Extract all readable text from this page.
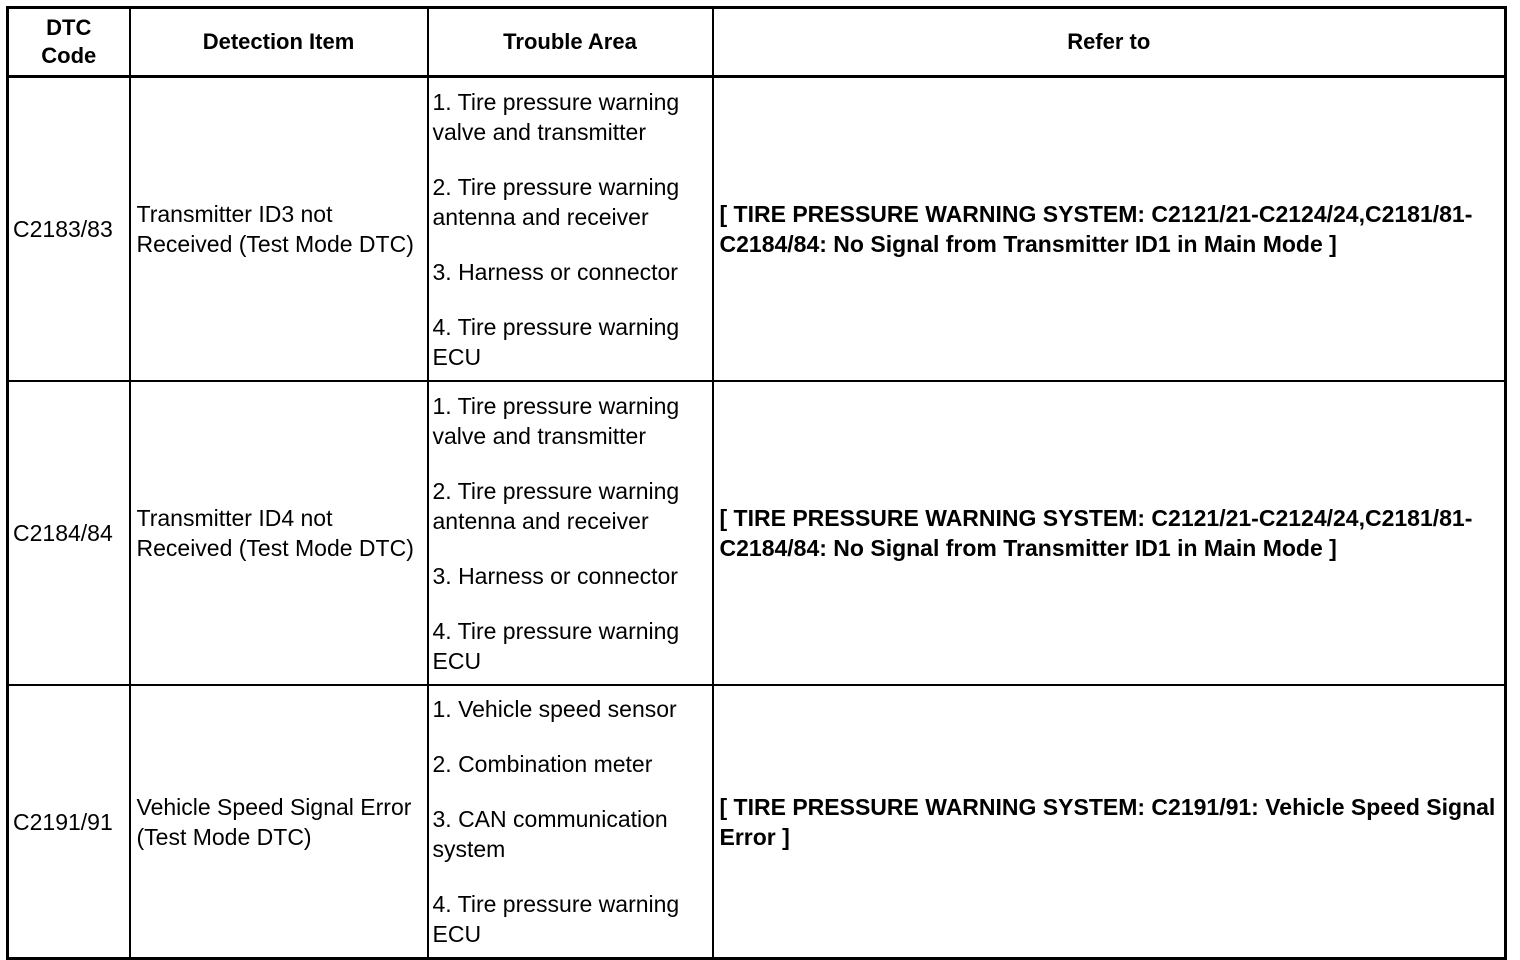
DTC
Code	Detection Item	Trouble Area	Refer to
C2183/83	Transmitter ID3 not Received (Test Mode DTC)	1. Tire pressure warning valve and transmitter
2. Tire pressure warning antenna and receiver
3. Harness or connector
4. Tire pressure warning ECU	[ TIRE PRESSURE WARNING SYSTEM: C2121/21-C2124/24,C2181/81-C2184/84: No Signal from Transmitter ID1 in Main Mode ]
C2184/84	Transmitter ID4 not Received (Test Mode DTC)	1. Tire pressure warning valve and transmitter
2. Tire pressure warning antenna and receiver
3. Harness or connector
4. Tire pressure warning ECU	[ TIRE PRESSURE WARNING SYSTEM: C2121/21-C2124/24,C2181/81-C2184/84: No Signal from Transmitter ID1 in Main Mode ]
C2191/91	Vehicle Speed Signal Error (Test Mode DTC)	1. Vehicle speed sensor
2. Combination meter
3. CAN communication system
4. Tire pressure warning ECU	[ TIRE PRESSURE WARNING SYSTEM: C2191/91: Vehicle Speed Signal Error ]
